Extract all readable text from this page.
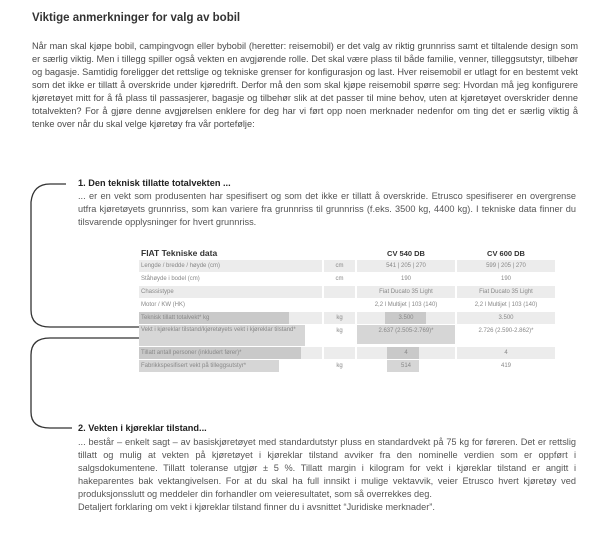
Viktige anmerkninger for valg av bobil
Når man skal kjøpe bobil, campingvogn eller bybobil (heretter: reisemobil) er det valg av riktig grunnriss samt et tiltalende design som er særlig viktig. Men i tillegg spiller også vekten en avgjørende rolle. Det skal være plass til både familie, venner, tilleggsutstyr, tilbehør og bagasje. Samtidig foreligger det rettslige og tekniske grenser for konfigurasjon og last. Hver reisemobil er utlagt for en bestemt vekt som det ikke er tillatt å overskride under kjøredrift. Derfor må den som skal kjøpe reisemobil spørre seg: Hvordan må jeg konfigurere kjøretøyet mitt for å få plass til passasjerer, bagasje og tilbehør slik at det passer til mine behov, uten at kjøretøyet overskrider denne totalvekten? For å gjøre denne avgjørelsen enklere for deg har vi ført opp noen merknader nedenfor om ting det er særlig viktig å tenke over når du skal velge kjøretøy fra vår portefølje:
1. Den teknisk tillatte totalvekten ...
... er en vekt som produsenten har spesifisert og som det ikke er tillatt å overskride. Etrusco spesifiserer en overgrense utfra kjøretøyets grunnriss, som kan variere fra grunnriss til grunnriss (f.eks. 3500 kg, 4400 kg). I tekniske data finner du tilsvarende opplysninger for hvert grunnriss.
FIAT Tekniske data	CV 540 DB	CV 600 DB
Lengde / bredde / høyde (cm)	cm	541 | 205 | 270	599 | 205 | 270
Ståhøyde i bodel (cm)	cm	190	190
Chassistype	Fiat Ducato 35 Light	Fiat Ducato 35 Light
Motor / KW (HK)	2,2 l Multijet | 103 (140)	2,2 l Multijet | 103 (140)
Teknisk tillatt totalvekt* kg	kg	3.500	3.500
Vekt i kjøreklar tilstand/kjøretøyets vekt i kjøreklar tilstand*	kg	2.637 (2.505-2.769)*	2.726 (2.590-2.862)*
Tillatt antall personer (inkludert fører)*	4	4
Fabrikkspesifisert vekt på tilleggsutstyr*	kg	514	419
2. Vekten i kjøreklar tilstand...
... består – enkelt sagt – av basiskjøretøyet med standardutstyr pluss en standardvekt på 75 kg for føreren. Det er rettslig tillatt og mulig at vekten på kjøretøyet i kjøreklar tilstand avviker fra den nominelle verdien som er oppført i salgsdokumentene. Tillatt toleranse utgjør ± 5 %. Tillatt margin i kilogram for vekt i kjøreklar tilstand er angitt i hakeparentes bak vektangivelsen. For at du skal ha full innsikt i mulige vektavvik, veier Etrusco hvert kjøretøy ved produksjonsslutt og meddeler din forhandler om veieresultatet, som så overrekkes deg.
Detaljert forklaring om vekt i kjøreklar tilstand finner du i avsnittet “Juridiske merknader”.
